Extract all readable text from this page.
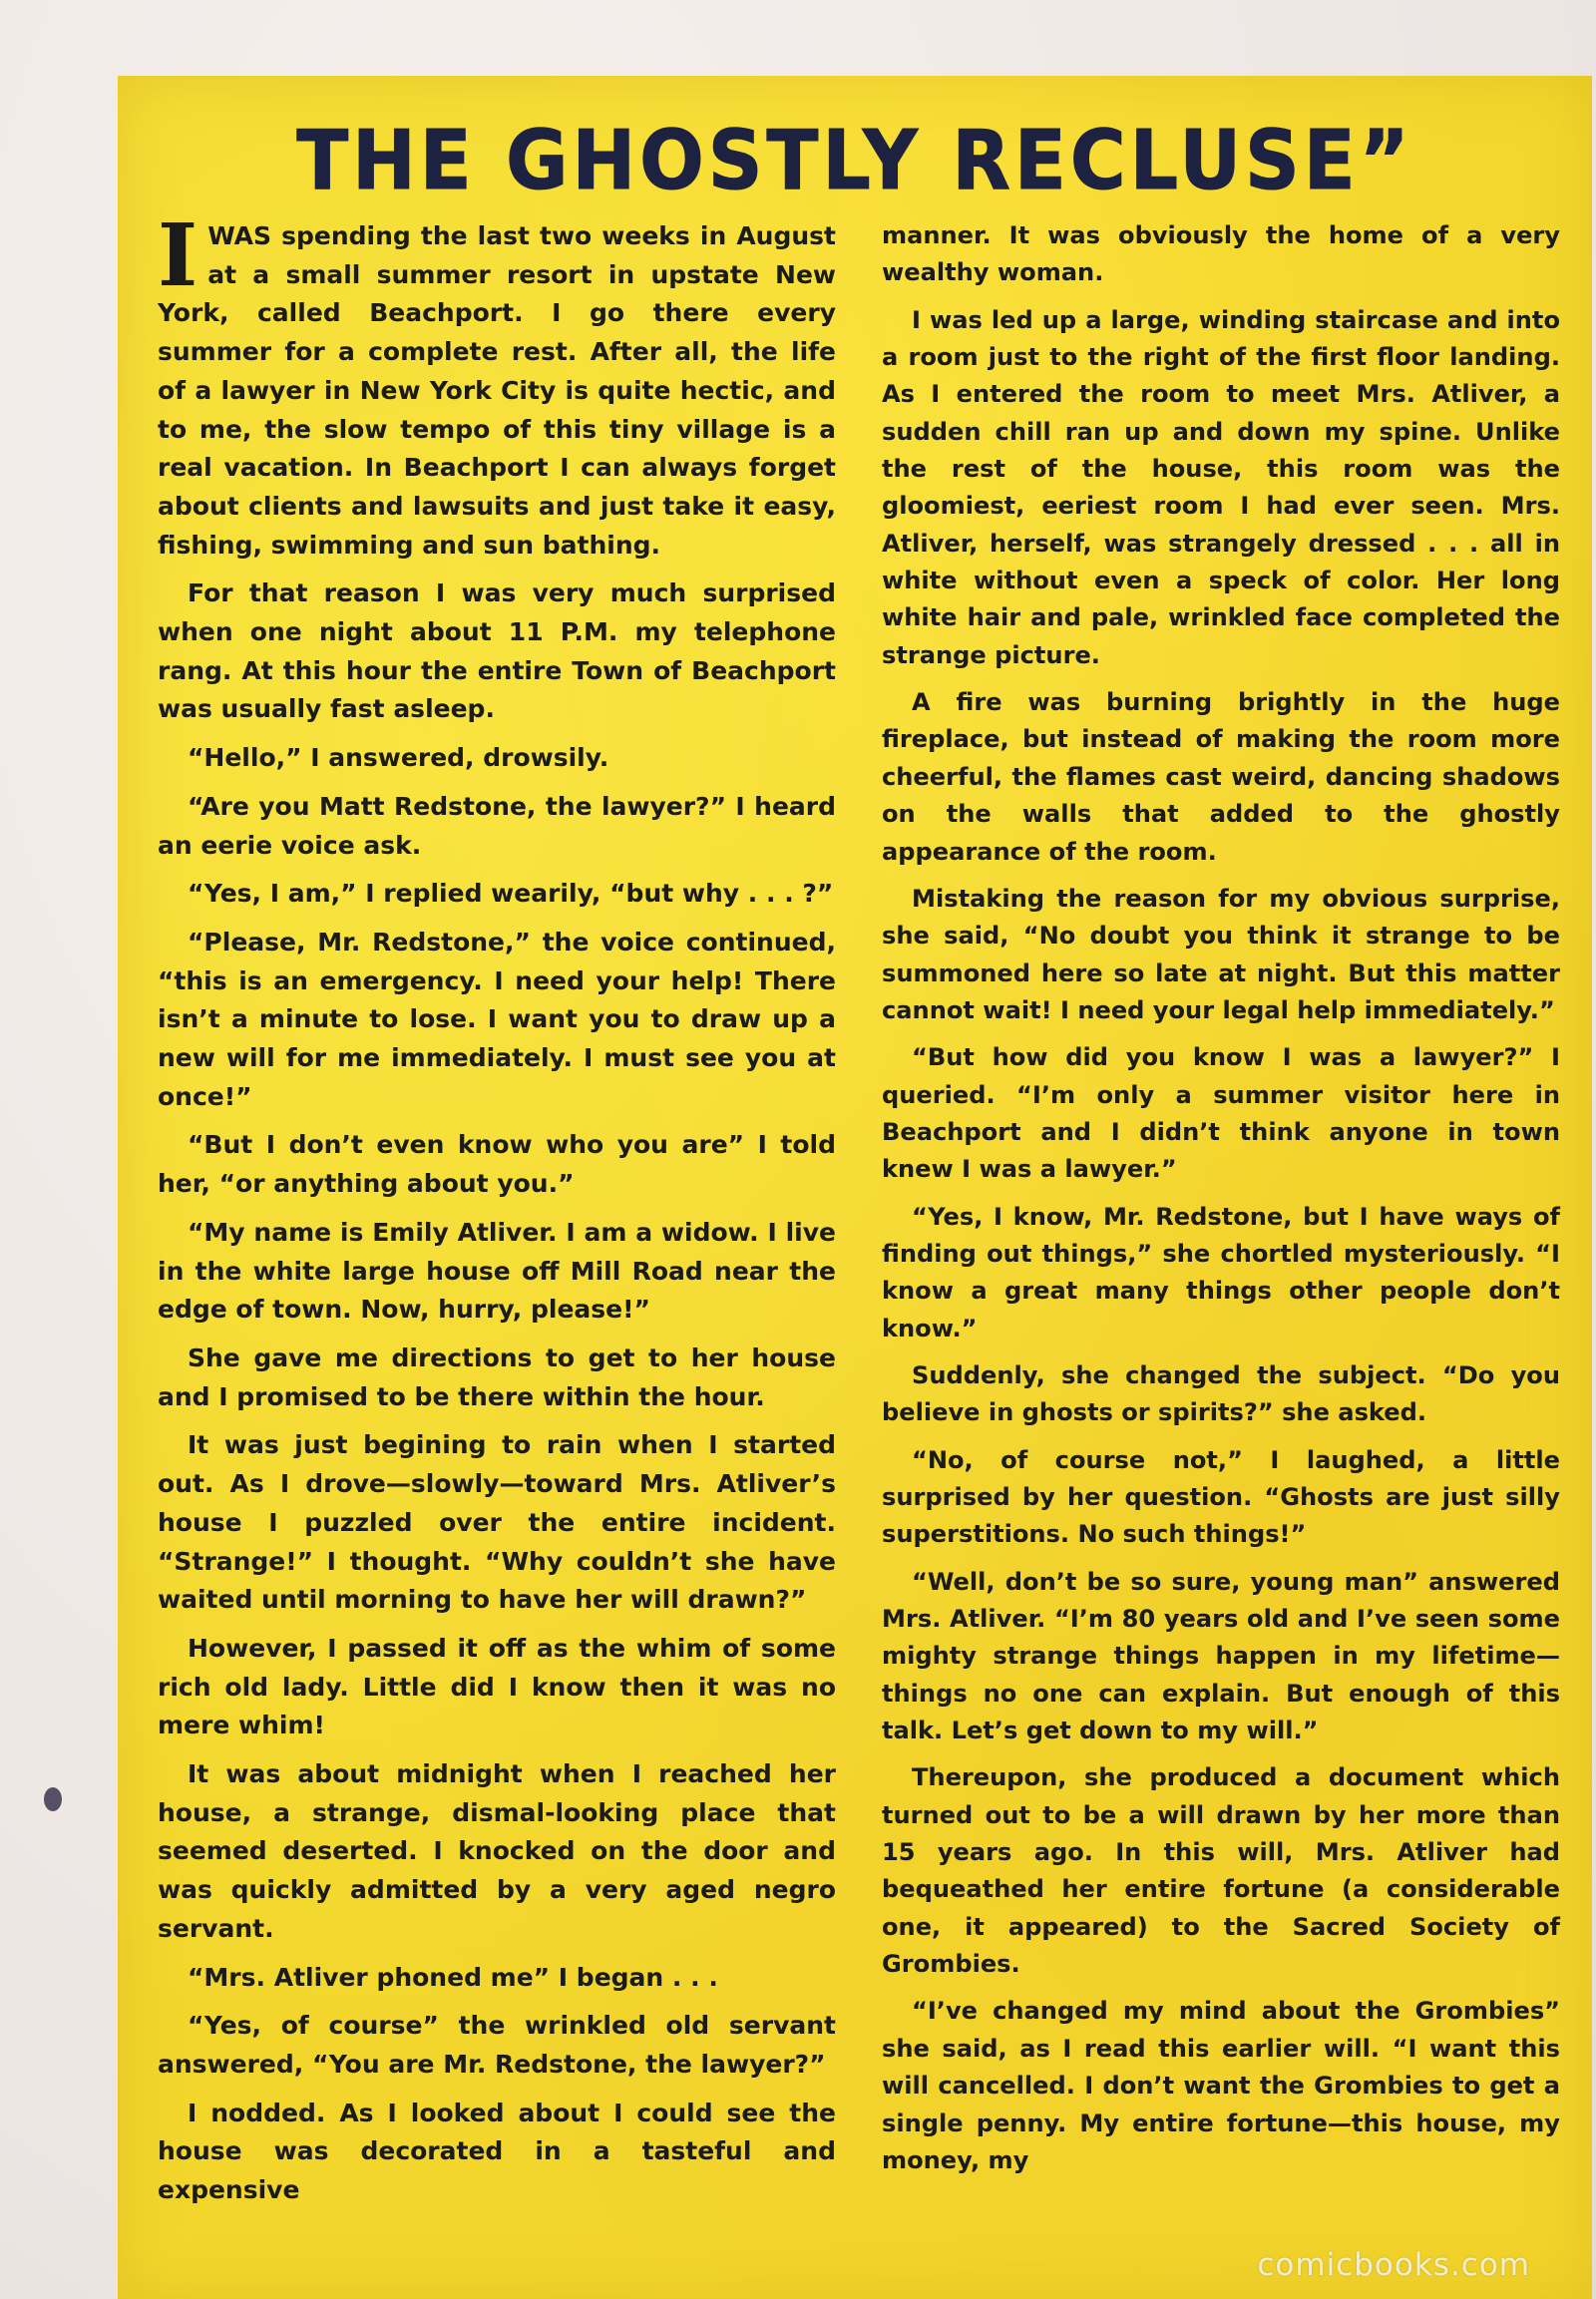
THE GHOSTLY RECLUSE”

IWAS spending the last two weeks in August at a small summer resort in upstate New York, called Beachport. I go there every summer for a complete rest. After all, the life of a lawyer in New York City is quite hectic, and to me, the slow tempo of this tiny village is a real vacation. In Beachport I can always forget about clients and lawsuits and just take it easy, fishing, swimming and sun bathing.

For that reason I was very much surprised when one night about 11 P.M. my telephone rang. At this hour the entire Town of Beachport was usually fast asleep.

“Hello,” I answered, drowsily.

“Are you Matt Redstone, the lawyer?” I heard an eerie voice ask.

“Yes, I am,” I replied wearily, “but why . . . ?”

“Please, Mr. Redstone,” the voice continued, “this is an emergency. I need your help! There isn’t a minute to lose. I want you to draw up a new will for me immediately. I must see you at once!”

“But I don’t even know who you are” I told her, “or anything about you.”

“My name is Emily Atliver. I am a widow. I live in the white large house off Mill Road near the edge of town. Now, hurry, please!”

She gave me directions to get to her house and I promised to be there within the hour.

It was just begining to rain when I started out. As I drove—slowly—toward Mrs. Atliver’s house I puzzled over the entire incident. “Strange!” I thought. “Why couldn’t she have waited until morning to have her will drawn?”

However, I passed it off as the whim of some rich old lady. Little did I know then it was no mere whim!

It was about midnight when I reached her house, a strange, dismal-looking place that seemed deserted. I knocked on the door and was quickly admitted by a very aged negro servant.

“Mrs. Atliver phoned me” I began . . .

“Yes, of course” the wrinkled old servant answered, “You are Mr. Redstone, the lawyer?”

I nodded. As I looked about I could see the house was decorated in a tasteful and expensive

manner. It was obviously the home of a very wealthy woman.

I was led up a large, winding staircase and into a room just to the right of the first floor landing. As I entered the room to meet Mrs. Atliver, a sudden chill ran up and down my spine. Unlike the rest of the house, this room was the gloomiest, eeriest room I had ever seen. Mrs. Atliver, herself, was strangely dressed . . . all in white without even a speck of color. Her long white hair and pale, wrinkled face completed the strange picture.

A fire was burning brightly in the huge fireplace, but instead of making the room more cheerful, the flames cast weird, dancing shadows on the walls that added to the ghostly appearance of the room.

Mistaking the reason for my obvious surprise, she said, “No doubt you think it strange to be summoned here so late at night. But this matter cannot wait! I need your legal help immediately.”

“But how did you know I was a lawyer?” I queried. “I’m only a summer visitor here in Beachport and I didn’t think anyone in town knew I was a lawyer.”

“Yes, I know, Mr. Redstone, but I have ways of finding out things,” she chortled mysteriously. “I know a great many things other people don’t know.”

Suddenly, she changed the subject. “Do you believe in ghosts or spirits?” she asked.

“No, of course not,” I laughed, a little surprised by her question. “Ghosts are just silly superstitions. No such things!”

“Well, don’t be so sure, young man” answered Mrs. Atliver. “I’m 80 years old and I’ve seen some mighty strange things happen in my lifetime—things no one can explain. But enough of this talk. Let’s get down to my will.”

Thereupon, she produced a document which turned out to be a will drawn by her more than 15 years ago. In this will, Mrs. Atliver had bequeathed her entire fortune (a considerable one, it appeared) to the Sacred Society of Grombies.

“I’ve changed my mind about the Grombies” she said, as I read this earlier will. “I want this will cancelled. I don’t want the Grombies to get a single penny. My entire fortune—this house, my money, my

comicbooks.com
